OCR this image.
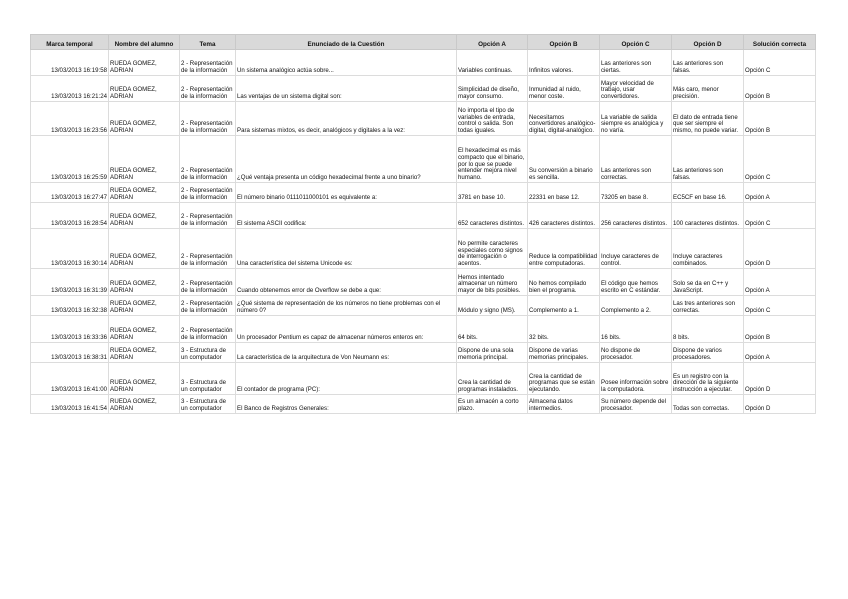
Marca temporal	Nombre del alumno	Tema	Enunciado de la Cuestión	Opción A	Opción B	Opción C	Opción D	Solución correcta
13/03/2013 16:19:58	RUEDA GOMEZ, ADRIAN	2 - Representación de la información	Un sistema analógico actúa sobre...	Variables continuas.	Infinitos valores.	Las anteriores son ciertas.	Las anteriores son falsas.	Opción C
13/03/2013 16:21:24	RUEDA GOMEZ, ADRIAN	2 - Representación de la información	Las ventajas de un sistema digital son:	Simplicidad de diseño, mayor consumo.	Inmunidad al ruido, menor coste.	Mayor velocidad de trabajo, usar convertidores.	Más caro, menor precisión.	Opción B
13/03/2013 16:23:56	RUEDA GOMEZ, ADRIAN	2 - Representación de la información	Para sistemas mixtos, es decir, analógicos y digitales a la vez:	No importa el tipo de variables de entrada, control o salida. Son todas iguales.	Necesitamos convertidores analógico-digital, digital-analógico.	La variable de salida siempre es analógica y no varía.	El dato de entrada tiene que ser siempre el mismo, no puede variar.	Opción B
13/03/2013 16:25:59	RUEDA GOMEZ, ADRIAN	2 - Representación de la información	¿Qué ventaja presenta un código hexadecimal frente a uno binario?	El hexadecimal es más compacto que el binario, por lo que se puede entender mejora nivel humano.	Su conversión a binario es sencilla.	Las anteriores son correctas.	Las anteriores son falsas.	Opción C
13/03/2013 16:27:47	RUEDA GOMEZ, ADRIAN	2 - Representación de la información	El número binario 0111011000101 es equivalente a:	3781 en base 10.	22331 en base 12.	73205 en base 8.	EC5CF en base 16.	Opción A
13/03/2013 16:28:54	RUEDA GOMEZ, ADRIAN	2 - Representación de la información	El sistema ASCII codifica:	652 caracteres distintos.	426 caracteres distintos.	256 caracteres distintos.	100 caracteres distintos.	Opción C
13/03/2013 16:30:14	RUEDA GOMEZ, ADRIAN	2 - Representación de la información	Una característica del sistema Unicode es:	No permite caracteres especiales como signos de interrogación o acentos.	Reduce la compatibilidad entre computadoras.	Incluye caracteres de control.	Incluye caracteres combinados.	Opción D
13/03/2013 16:31:39	RUEDA GOMEZ, ADRIAN	2 - Representación de la información	Cuando obtenemos error de Overflow se debe a que:	Hemos intentado almacenar un número mayor de bits posibles.	No hemos compilado bien el programa.	El código que hemos escrito en C estándar.	Solo se da en C++ y JavaScript.	Opción A
13/03/2013 16:32:38	RUEDA GOMEZ, ADRIAN	2 - Representación de la información	¿Qué sistema de representación de los números no tiene problemas con el número 0?	Módulo y signo (MS).	Complemento a 1.	Complemento a 2.	Las tres anteriores son correctas.	Opción C
13/03/2013 16:33:36	RUEDA GOMEZ, ADRIAN	2 - Representación de la información	Un procesador Pentium es capaz de almacenar números enteros en:	64 bits.	32 bits.	16 bits.	8 bits.	Opción B
13/03/2013 16:38:31	RUEDA GOMEZ, ADRIAN	3 - Estructura de un computador	La característica de la arquitectura de Von Neumann es:	Dispone de una sola memoria principal.	Dispone de varias memorias principales.	No dispone de procesador.	Dispone de varios procesadores.	Opción A
13/03/2013 16:41:00	RUEDA GOMEZ, ADRIAN	3 - Estructura de un computador	El contador de programa (PC):	Crea la cantidad de programas instalados.	Crea la cantidad de programas que se están ejecutando.	Posee información sobre la computadora.	Es un registro con la dirección de la siguiente instrucción a ejecutar.	Opción D
13/03/2013 16:41:54	RUEDA GOMEZ, ADRIAN	3 - Estructura de un computador	El Banco de Registros Generales:	Es un almacén a corto plazo.	Almacena datos intermedios.	Su número depende del procesador.	Todas son correctas.	Opción D
